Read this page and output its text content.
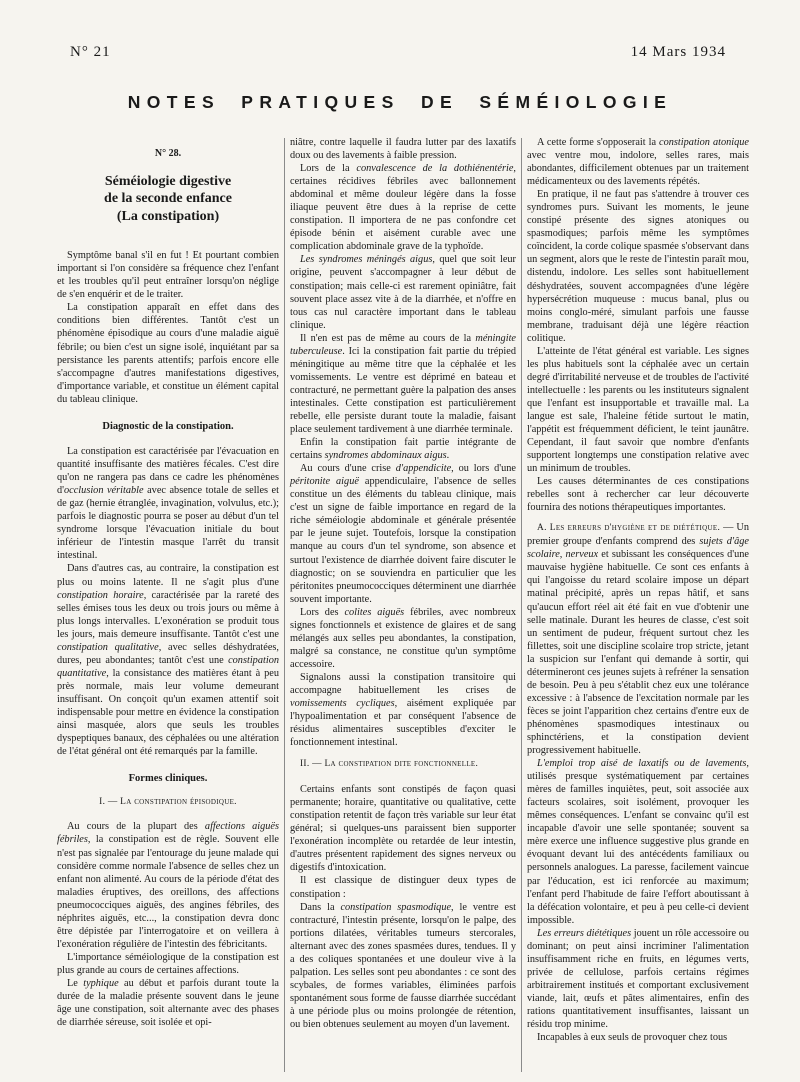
N° 21	14 Mars 1934
NOTES PRATIQUES DE SÉMÉIOLOGIE

N° 28.

Séméiologie digestive
de la seconde enfance
(La constipation)

Symptôme banal s'il en fut ! Et pourtant combien important si l'on considère sa fréquence chez l'enfant et les troubles qu'il peut entraîner lorsqu'on néglige de s'en enquérir et de le traiter.

La constipation apparaît en effet dans des conditions bien différentes. Tantôt c'est un phénomène épisodique au cours d'une maladie aiguë fébrile; ou bien c'est un signe isolé, inquiétant par sa persistance les parents attentifs; parfois encore elle s'accompagne d'autres manifestations digestives, d'importance variable, et constitue un élément capital du tableau clinique.

Diagnostic de la constipation.

La constipation est caractérisée par l'évacuation en quantité insuffisante des matières fécales. C'est dire qu'on ne rangera pas dans ce cadre les phénomènes d'occlusion véritable avec absence totale de selles et de gaz (hernie étranglée, invagination, volvulus, etc.); parfois le diagnostic pourra se poser au début d'un tel syndrome lorsque l'évacuation initiale du bout inférieur de l'intestin masque l'arrêt du transit intestinal.

Dans d'autres cas, au contraire, la constipation est plus ou moins latente. Il ne s'agit plus d'une constipation horaire, caractérisée par la rareté des selles émises tous les deux ou trois jours ou même à plus longs intervalles. L'exonération se produit tous les jours, mais demeure insuffisante. Tantôt c'est une constipation qualitative, avec selles déshydratées, dures, peu abondantes; tantôt c'est une constipation quantitative, la consistance des matières étant à peu près normale, mais leur volume demeurant insuffisant. On conçoit qu'un examen attentif soit indispensable pour mettre en évidence la constipation ainsi masquée, alors que seuls les troubles dyspeptiques banaux, des céphalées ou une altération de l'état général ont été remarqués par la famille.

Formes cliniques.

I. — La constipation épisodique.

Au cours de la plupart des affections aiguës fébriles, la constipation est de règle. Souvent elle n'est pas signalée par l'entourage du jeune malade qui considère comme normale l'absence de selles chez un enfant non alimenté. Au cours de la période d'état des maladies éruptives, des oreillons, des affections pneumococciques aiguës, des angines fébriles, des néphrites aiguës, etc..., la constipation devra donc être dépistée par l'interrogatoire et on veillera à l'exonération régulière de l'intestin des fébricitants.

L'importance séméiologique de la constipation est plus grande au cours de certaines affections.

Le typhique au début et parfois durant toute la durée de la maladie présente souvent dans le jeune âge une constipation, soit alternante avec des phases de diarrhée séreuse, soit isolée et opi-

niâtre, contre laquelle il faudra lutter par des laxatifs doux ou des lavements à faible pression.

Lors de la convalescence de la dothiénentérie, certaines récidives fébriles avec ballonnement abdominal et même douleur légère dans la fosse iliaque peuvent être dues à la reprise de cette constipation. Il importera de ne pas confondre cet épisode bénin et aisément curable avec une complication abdominale grave de la typhoïde.

Les syndromes méningés aigus, quel que soit leur origine, peuvent s'accompagner à leur début de constipation; mais celle-ci est rarement opiniâtre, fait souvent place assez vite à de la diarrhée, et n'offre en tous cas nul caractère important dans le tableau clinique.

Il n'en est pas de même au cours de la méningite tuberculeuse. Ici la constipation fait partie du trépied méningitique au même titre que la céphalée et les vomissements. Le ventre est déprimé en bateau et contracturé, ne permettant guère la palpation des anses intestinales. Cette constipation est particulièrement rebelle, elle persiste durant toute la maladie, faisant place seulement tardivement à une diarrhée terminale.

Enfin la constipation fait partie intégrante de certains syndromes abdominaux aigus.

Au cours d'une crise d'appendicite, ou lors d'une péritonite aiguë appendiculaire, l'absence de selles constitue un des éléments du tableau clinique, mais c'est un signe de faible importance en regard de la riche séméiologie abdominale et générale présentée par le jeune sujet. Toutefois, lorsque la constipation manque au cours d'un tel syndrome, son absence et surtout l'existence de diarrhée doivent faire discuter le diagnostic; on se souviendra en particulier que les péritonites pneumococciques déterminent une diarrhée souvent importante.

Lors des colites aiguës fébriles, avec nombreux signes fonctionnels et existence de glaires et de sang mélangés aux selles peu abondantes, la constipation, malgré sa constance, ne constitue qu'un symptôme accessoire.

Signalons aussi la constipation transitoire qui accompagne habituellement les crises de vomissements cycliques, aisément expliquée par l'hypoalimentation et par conséquent l'absence de résidus alimentaires susceptibles d'exciter le fonctionnement intestinal.

II. — La constipation dite fonctionnelle.

Certains enfants sont constipés de façon quasi permanente; horaire, quantitative ou qualitative, cette constipation retentit de façon très variable sur leur état général; si quelques-uns paraissent bien supporter l'exonération incomplète ou retardée de leur intestin, d'autres présentent rapidement des signes nerveux ou digestifs d'intoxication.

Il est classique de distinguer deux types de constipation :

Dans la constipation spasmodique, le ventre est contracturé, l'intestin présente, lorsqu'on le palpe, des portions dilatées, véritables tumeurs stercorales, alternant avec des zones spasmées dures, tendues. Il y a des coliques spontanées et une douleur vive à la palpation. Les selles sont peu abondantes : ce sont des scybales, de formes variables, éliminées parfois spontanément sous forme de fausse diarrhée succédant à une période plus ou moins prolongée de rétention, ou bien obtenues seulement au moyen d'un lavement.

A cette forme s'opposerait la constipation atonique avec ventre mou, indolore, selles rares, mais abondantes, difficilement obtenues par un traitement médicamenteux ou des lavements répétés.

En pratique, il ne faut pas s'attendre à trouver ces syndromes purs. Suivant les moments, le jeune constipé présente des signes atoniques ou spasmodiques; parfois même les symptômes coïncident, la corde colique spasmée s'observant dans un segment, alors que le reste de l'intestin paraît mou, distendu, indolore. Les selles sont habituellement déshydratées, souvent accompagnées d'une légère hypersécrétion muqueuse : mucus banal, plus ou moins conglo-méré, simulant parfois une fausse membrane, traduisant déjà une légère réaction colitique.

L'atteinte de l'état général est variable. Les signes les plus habituels sont la céphalée avec un certain degré d'irritabilité nerveuse et de troubles de l'activité intellectuelle : les parents ou les instituteurs signalent que l'enfant est insupportable et travaille mal. La langue est sale, l'haleine fétide surtout le matin, l'appétit est fréquemment déficient, le teint jaunâtre. Cependant, il faut savoir que nombre d'enfants supportent longtemps une constipation relative avec un minimum de troubles.

Les causes déterminantes de ces constipations rebelles sont à rechercher car leur découverte fournira des notions thérapeutiques importantes.

A. Les erreurs d'hygiène et de diététique. — Un premier groupe d'enfants comprend des sujets d'âge scolaire, nerveux et subissant les conséquences d'une mauvaise hygiène habituelle. Ce sont ces enfants à qui l'angoisse du retard scolaire impose un départ matinal précipité, après un repas hâtif, et sans qu'aucun effort réel ait été fait en vue d'obtenir une selle matinale. Durant les heures de classe, c'est soit un sentiment de pudeur, fréquent surtout chez les fillettes, soit une discipline scolaire trop stricte, jetant la suspicion sur l'enfant qui demande à sortir, qui détermineront ces jeunes sujets à refréner la sensation de besoin. Peu à peu s'établit chez eux une tolérance excessive : à l'absence de l'excitation normale par les fèces se joint l'apparition chez certains d'entre eux de phénomènes spasmodiques intestinaux ou sphinctériens, et la constipation devient progressivement habituelle.

L'emploi trop aisé de laxatifs ou de lavements, utilisés presque systématiquement par certaines mères de familles inquiètes, peut, soit associée aux facteurs scolaires, soit isolément, provoquer les mêmes conséquences. L'enfant se convainc qu'il est incapable d'avoir une selle spontanée; souvent sa mère exerce une influence suggestive plus grande en évoquant devant lui des antécédents familiaux ou personnels analogues. La paresse, facilement vaincue par l'éducation, est ici renforcée au maximum; l'enfant perd l'habitude de faire l'effort aboutissant à la défécation volontaire, et peu à peu celle-ci devient impossible.

Les erreurs diététiques jouent un rôle accessoire ou dominant; on peut ainsi incriminer l'alimentation insuffisamment riche en fruits, en légumes verts, privée de cellulose, parfois certains régimes arbitrairement institués et comportant exclusivement viande, lait, œufs et pâtes alimentaires, enfin des rations quantitativement insuffisantes, laissant un résidu trop minime.

Incapables à eux seuls de provoquer chez tous
